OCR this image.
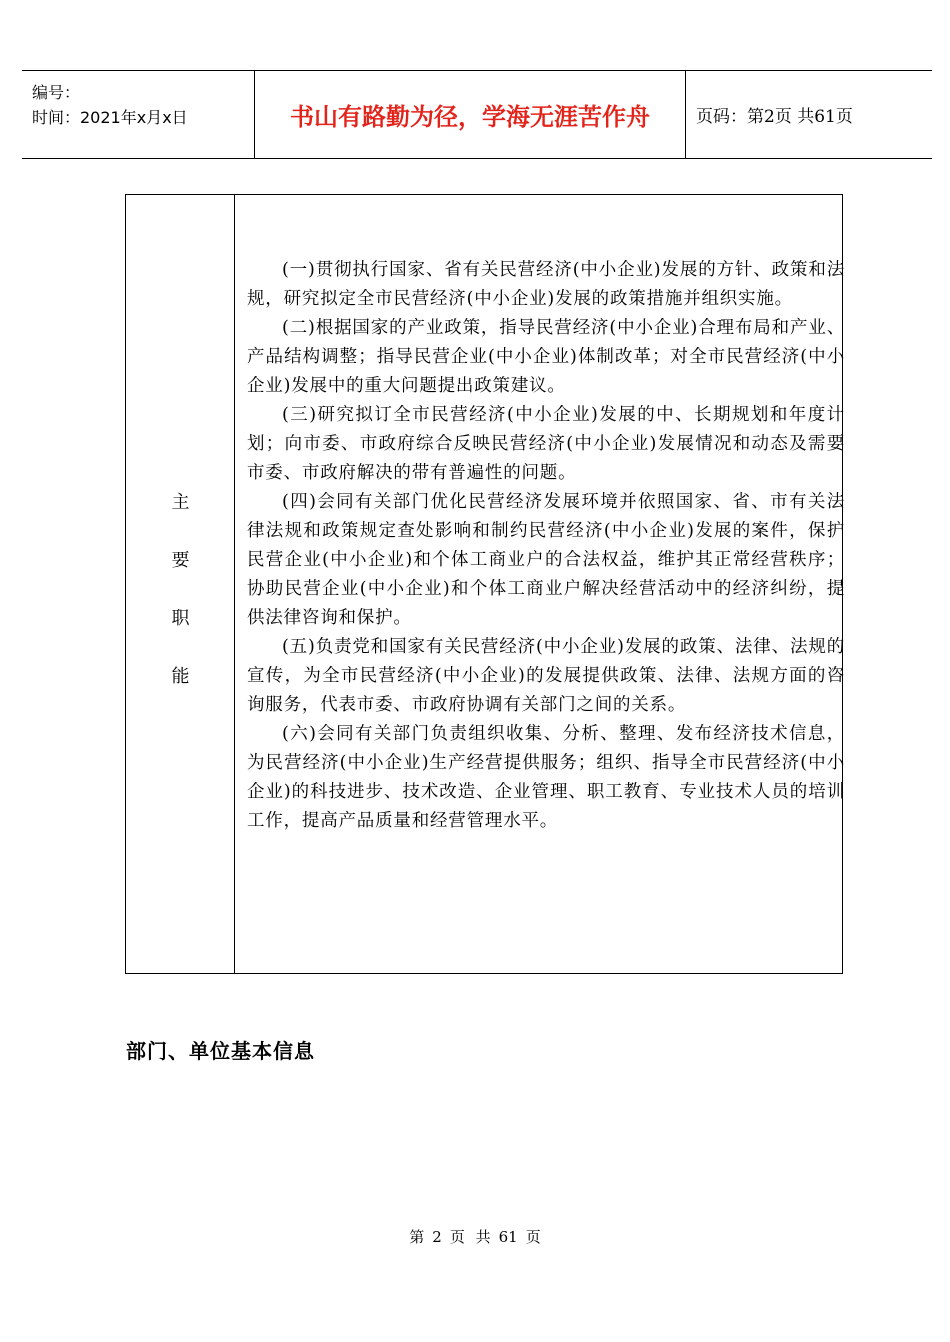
编号：
时间：2021年x月x日	书山有路勤为径，学海无涯苦作舟	页码：第2页 共61页
主
要
职
能

(一)贯彻执行国家、省有关民营经济(中小企业)发展的方针、政策和法规，研究拟定全市民营经济(中小企业)发展的政策措施并组织实施。

(二)根据国家的产业政策，指导民营经济(中小企业)合理布局和产业、产品结构调整；指导民营企业(中小企业)体制改革；对全市民营经济(中小企业)发展中的重大问题提出政策建议。

(三)研究拟订全市民营经济(中小企业)发展的中、长期规划和年度计划；向市委、市政府综合反映民营经济(中小企业)发展情况和动态及需要市委、市政府解决的带有普遍性的问题。

(四)会同有关部门优化民营经济发展环境并依照国家、省、市有关法律法规和政策规定查处影响和制约民营经济(中小企业)发展的案件，保护民营企业(中小企业)和个体工商业户的合法权益，维护其正常经营秩序；协助民营企业(中小企业)和个体工商业户解决经营活动中的经济纠纷，提供法律咨询和保护。

(五)负责党和国家有关民营经济(中小企业)发展的政策、法律、法规的宣传，为全市民营经济(中小企业)的发展提供政策、法律、法规方面的咨询服务，代表市委、市政府协调有关部门之间的关系。

(六)会同有关部门负责组织收集、分析、整理、发布经济技术信息，为民营经济(中小企业)生产经营提供服务；组织、指导全市民营经济(中小企业)的科技进步、技术改造、企业管理、职工教育、专业技术人员的培训工作，提高产品质量和经营管理水平。

部门、单位基本信息
第 2 页 共 61 页
